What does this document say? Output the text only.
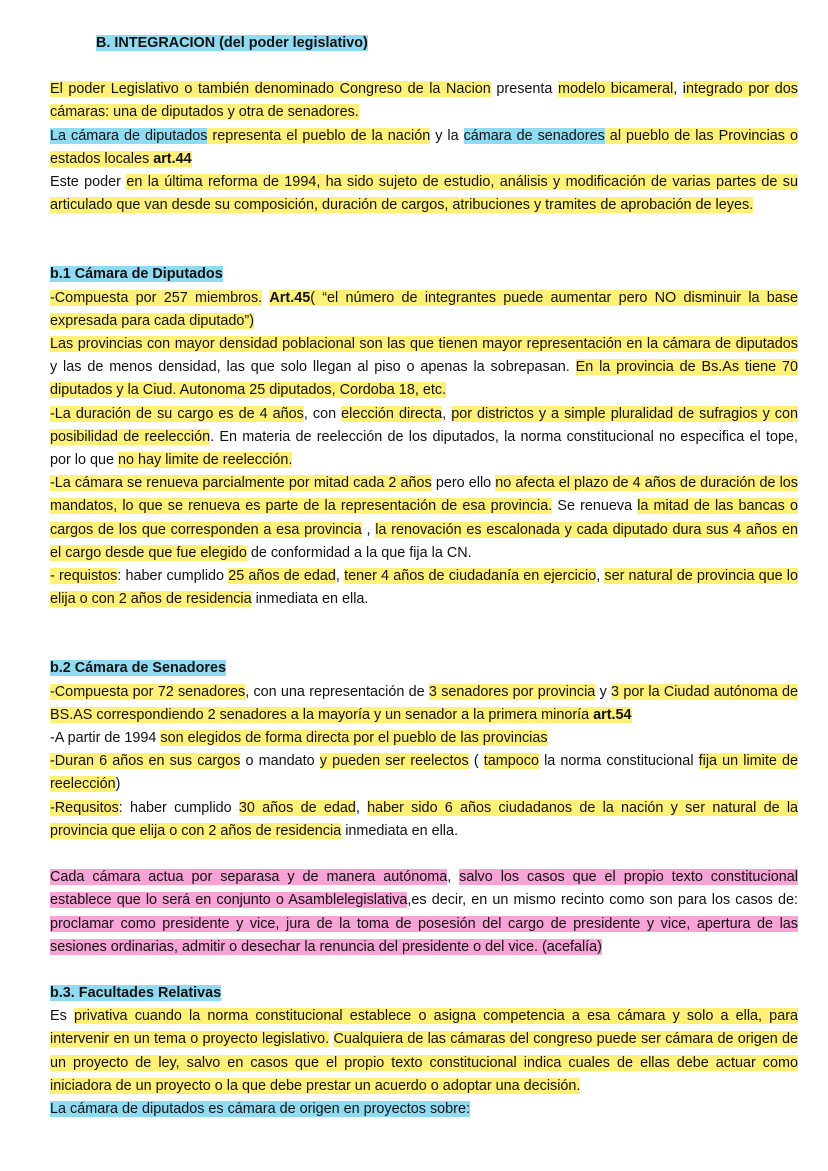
B. INTEGRACION (del poder legislativo)

El poder Legislativo o también denominado Congreso de la Nacion presenta modelo bicameral, integrado por dos cámaras: una de diputados y otra de senadores.

La cámara de diputados representa el pueblo de la nación y la cámara de senadores al pueblo de las Provincias o estados locales art.44

Este poder en la última reforma de 1994, ha sido sujeto de estudio, análisis y modificación de varias partes de su articulado que van desde su composición, duración de cargos, atribuciones y tramites de aprobación de leyes.

b.1 Cámara de Diputados

-Compuesta por 257 miembros. Art.45( “el número de integrantes puede aumentar pero NO disminuir la base expresada para cada diputado”)

Las provincias con mayor densidad poblacional son las que tienen mayor representación en la cámara de diputados y las de menos densidad, las que solo llegan al piso o apenas la sobrepasan. En la provincia de Bs.As tiene 70 diputados y la Ciud. Autonoma 25 diputados, Cordoba 18, etc.

-La duración de su cargo es de 4 años, con elección directa, por districtos y a simple pluralidad de sufragios y con posibilidad de reelección. En materia de reelección de los diputados, la norma constitucional no especifica el tope, por lo que no hay limite de reelección.

-La cámara se renueva parcialmente por mitad cada 2 años pero ello no afecta el plazo de 4 años de duración de los mandatos, lo que se renueva es parte de la representación de esa provincia. Se renueva la mitad de las bancas o cargos de los que corresponden a esa provincia , la renovación es escalonada y cada diputado dura sus 4 años en el cargo desde que fue elegido de conformidad a la que fija la CN.

- requistos: haber cumplido 25 años de edad, tener 4 años de ciudadanía en ejercicio, ser natural de provincia que lo elija o con 2 años de residencia inmediata en ella.

b.2 Cámara de Senadores

-Compuesta por 72 senadores, con una representación de 3 senadores por provincia y 3 por la Ciudad autónoma de BS.AS correspondiendo 2 senadores a la mayoría y un senador a la primera minoría art.54

-A partir de 1994 son elegidos de forma directa por el pueblo de las provincias

-Duran 6 años en sus cargos o mandato y pueden ser reelectos ( tampoco la norma constitucional fija un limite de reelección)

-Requsitos: haber cumplido 30 años de edad, haber sido 6 años ciudadanos de la nación y ser natural de la provincia que elija o con 2 años de residencia inmediata en ella.

Cada cámara actua por separasa y de manera autónoma, salvo los casos que el propio texto constitucional establece que lo será en conjunto o Asamblelegislativa,es decir, en un mismo recinto como son para los casos de: proclamar como presidente y vice, jura de la toma de posesión del cargo de presidente y vice, apertura de las sesiones ordinarias, admitir o desechar la renuncia del presidente o del vice. (acefalía)

b.3. Facultades Relativas

Es privativa cuando la norma constitucional establece o asigna competencia a esa cámara y solo a ella, para intervenir en un tema o proyecto legislativo. Cualquiera de las cámaras del congreso puede ser cámara de origen de un proyecto de ley, salvo en casos que el propio texto constitucional indica cuales de ellas debe actuar como iniciadora de un proyecto o la que debe prestar un acuerdo o adoptar una decisión.

La cámara de diputados es cámara de origen en proyectos sobre:
